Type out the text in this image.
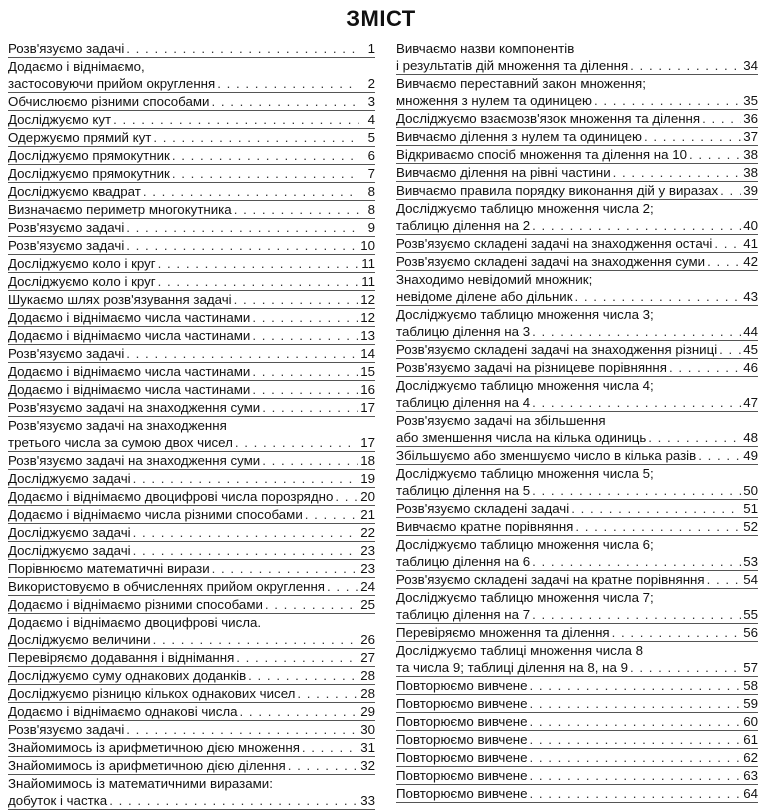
ЗМІСТ
Розв'язуємо задачі . . .	1
Додаємо і віднімаємо,
застосовуючи прийом округлення . . .	2
Обчислюємо різними способами . . .	3
Досліджуємо кут . . .	4
Одержуємо прямий кут . . .	5
Досліджуємо прямокутник . . .	6
Досліджуємо прямокутник . . .	7
Досліджуємо квадрат . . .	8
Визначаємо периметр многокутника . . .	8
Розв'язуємо задачі . . .	9
Розв'язуємо задачі . . .	10
Досліджуємо коло і круг . . .	11
Досліджуємо коло і круг . . .	11
Шукаємо шлях розв'язування задачі . . .	12
Додаємо і віднімаємо числа частинами . . .	12
Додаємо і віднімаємо числа частинами . . .	13
Розв'язуємо задачі . . .	14
Додаємо і віднімаємо числа частинами . . .	15
Додаємо і віднімаємо числа частинами . . .	16
Розв'язуємо задачі на знаходження суми . . .	17
Розв'язуємо задачі на знаходження
третього числа за сумою двох чисел . . .	17
Розв'язуємо задачі на знаходження суми . . .	18
Досліджуємо задачі . . .	19
Додаємо і віднімаємо двоцифрові числа порозрядно . . . 20
Додаємо і віднімаємо числа різними способами . . .	21
Досліджуємо задачі . . .	22
Досліджуємо задачі . . .	23
Порівнюємо математичні вирази . . .	23
Використовуємо в обчисленнях прийом округлення . . .	24
Додаємо і віднімаємо різними способами . . .	25
Додаємо і віднімаємо двоцифрові числа.
Досліджуємо величини . . .	26
Перевіряємо додавання і віднімання . . .	27
Досліджуємо суму однакових доданків . . .	28
Досліджуємо різницю кількох однакових чисел . . .	28
Додаємо і віднімаємо однакові числа . . .	29
Розв'язуємо задачі . . .	30
Знайомимось із арифметичною дією множення . . .	31
Знайомимось із арифметичною дією ділення . . .	32
Знайомимось із математичними виразами:
добуток і частка . . .	33
Вивчаємо назви компонентів
і результатів дій множення та ділення . . .	34
Вивчаємо переставний закон множення;
множення з нулем та одиницею . . .	35
Досліджуємо взаємозв'язок множення та ділення . . .	36
Вивчаємо ділення з нулем та одиницею . . .	37
Відкриваємо спосіб множення та ділення на 10 . . .	38
Вивчаємо ділення на рівні частини . . .	38
Вивчаємо правила порядку виконання дій у виразах . . . 39
Досліджуємо таблицю множення числа 2;
таблицю ділення на 2 . . .	40
Розв'язуємо складені задачі на знаходження остачі . . . 41
Розв'язуємо складені задачі на знаходження суми . . .	42
Знаходимо невідомий множник;
невідоме ділене або дільник . . .	43
Досліджуємо таблицю множення числа 3;
таблицю ділення на 3 . . .	44
Розв'язуємо складені задачі на знаходження різниці . . . 45
Розв'язуємо задачі на різницеве порівняння . . .	46
Досліджуємо таблицю множення числа 4;
таблицю ділення на 4 . . .	47
Розв'язуємо задачі на збільшення
або зменшення числа на кілька одиниць . . .	48
Збільшуємо або зменшуємо число в кілька разів . . .	49
Досліджуємо таблицю множення числа 5;
таблицю ділення на 5 . . .	50
Розв'язуємо складені задачі . . .	51
Вивчаємо кратне порівняння . . .	52
Досліджуємо таблицю множення числа 6;
таблицю ділення на 6 . . .	53
Розв'язуємо складені задачі на кратне порівняння . . .	54
Досліджуємо таблицю множення числа 7;
таблицю ділення на 7 . . .	55
Перевіряємо множення та ділення . . .	56
Досліджуємо таблиці множення числа 8
та числа 9; таблиці ділення на 8, на 9 . . .	57
Повторюємо вивчене . . .	58
Повторюємо вивчене . . .	59
Повторюємо вивчене . . .	60
Повторюємо вивчене . . .	61
Повторюємо вивчене . . .	62
Повторюємо вивчене . . .	63
Повторюємо вивчене . . .	64
